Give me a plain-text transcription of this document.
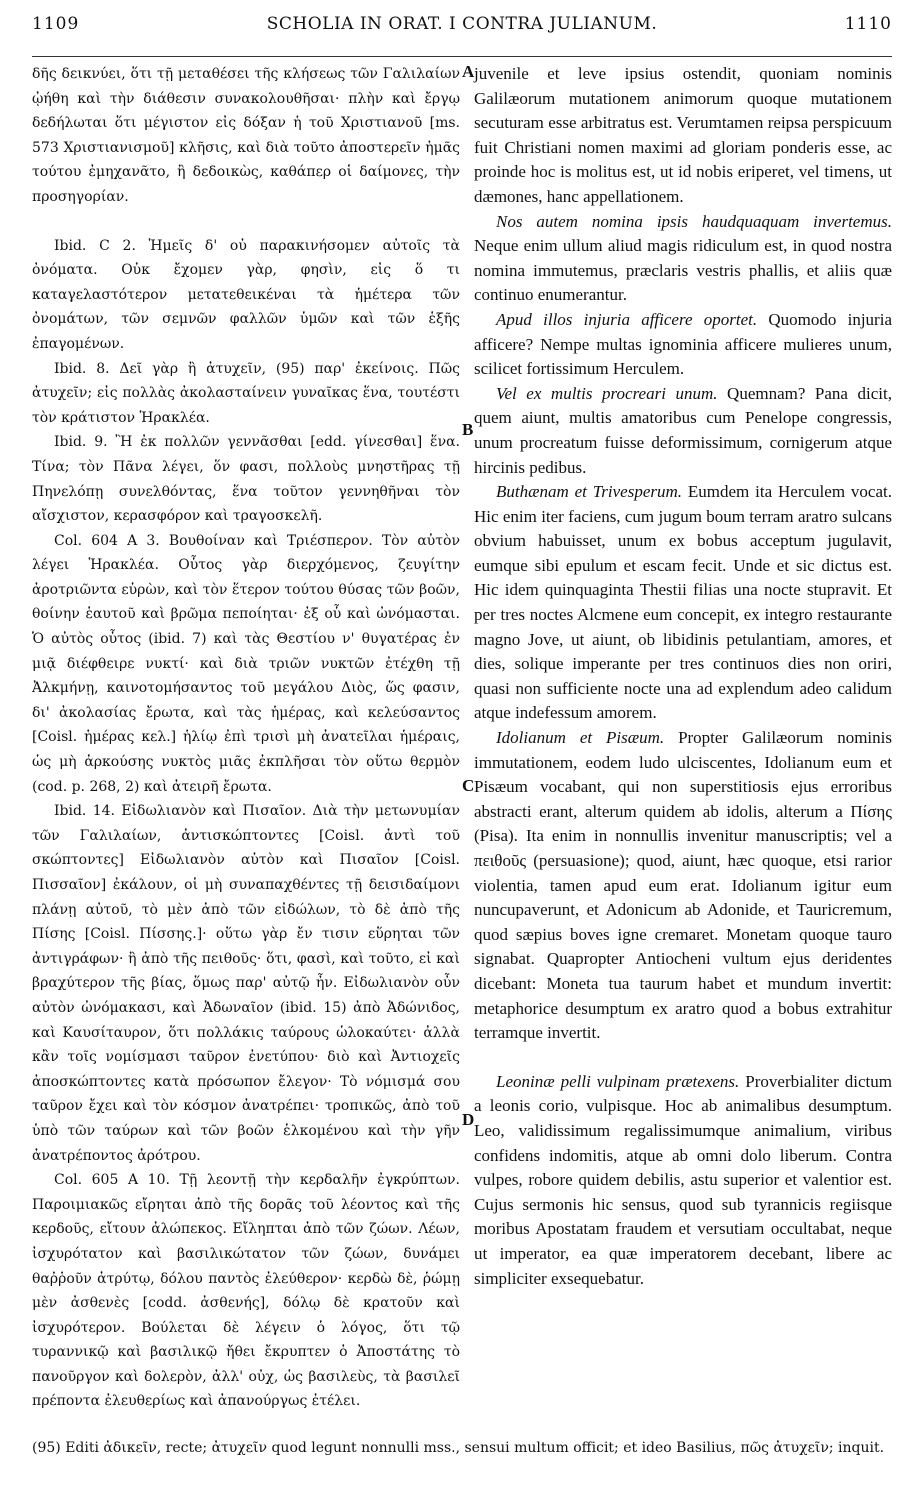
1109	SCHOLIA IN ORAT. I CONTRA JULIANUM.	1110

δῆς δεικνύει, ὅτι τῇ μεταθέσει τῆς κλήσεως τῶν Γαλιλαίων ᾠήθη καὶ τὴν διάθεσιν συνακολουθῆσαι· πλὴν καὶ ἔργῳ δεδήλωται ὅτι μέγιστον εἰς δόξαν ἡ τοῦ Χριστιανοῦ [ms. 573 Χριστιανισμοῦ] κλῆσις, καὶ διὰ τοῦτο ἀποστερεῖν ἡμᾶς τούτου ἐμηχανᾶτο, ἢ δεδοικὼς, καθάπερ οἱ δαίμονες, τὴν προσηγορίαν.

Ibid. C 2. Ἡμεῖς δ' οὐ παρακινήσομεν αὐτοῖς τὰ ὀνόματα. Οὐκ ἔχομεν γὰρ, φησὶν, εἰς ὅ τι καταγελαστότερον μετατεθεικέναι τὰ ἡμέτερα τῶν ὀνομάτων, τῶν σεμνῶν φαλλῶν ὑμῶν καὶ τῶν ἑξῆς ἐπαγομένων.

Ibid. 8. Δεῖ γὰρ ἢ ἀτυχεῖν, (95) παρ' ἐκείνοις. Πῶς ἀτυχεῖν; εἰς πολλὰς ἀκολασταίνειν γυναῖκας ἕνα, τουτέστι τὸν κράτιστον Ἡρακλέα.

Ibid. 9. Ἢ ἐκ πολλῶν γεννᾶσθαι [edd. γίνεσθαι] ἕνα. Τίνα; τὸν Πᾶνα λέγει, ὅν φασι, πολλοὺς μνηστῆρας τῇ Πηνελόπῃ συνελθόντας, ἕνα τοῦτον γεννηθῆναι τὸν αἴσχιστον, κερασφόρον καὶ τραγοσκελῆ.

Col. 604 A 3. Βουθοίναν καὶ Τριέσπερον. Τὸν αὐτὸν λέγει Ἡρακλέα. Οὗτος γὰρ διερχόμενος, ζευγίτην ἀροτριῶντα εὑρὼν, καὶ τὸν ἕτερον τούτου θύσας τῶν βοῶν, θοίνην ἑαυτοῦ καὶ βρῶμα πεποίηται· ἐξ οὗ καὶ ὠνόμασται. Ὁ αὐτὸς οὗτος (ibid. 7) καὶ τὰς Θεστίου ν' θυγατέρας ἐν μιᾷ διέφθειρε νυκτί· καὶ διὰ τριῶν νυκτῶν ἐτέχθη τῇ Ἀλκμήνῃ, καινοτομήσαντος τοῦ μεγάλου Διὸς, ὥς φασιν, δι' ἀκολασίας ἔρωτα, καὶ τὰς ἡμέρας, καὶ κελεύσαντος [Coisl. ἡμέρας κελ.] ἡλίῳ ἐπὶ τρισὶ μὴ ἀνατεῖλαι ἡμέραις, ὡς μὴ ἀρκούσης νυκτὸς μιᾶς ἐκπλῆσαι τὸν οὕτω θερμὸν (cod. p. 268, 2) καὶ ἀτειρῆ ἔρωτα.

Ibid. 14. Εἰδωλιανὸν καὶ Πισαῖον. Διὰ τὴν μετωνυμίαν τῶν Γαλιλαίων, ἀντισκώπτοντες [Coisl. ἀντὶ τοῦ σκώπτοντες] Εἰδωλιανὸν αὐτὸν καὶ Πισαῖον [Coisl. Πισσαῖον] ἐκάλουν, οἱ μὴ συναπαχθέντες τῇ δεισιδαίμονι πλάνῃ αὐτοῦ, τὸ μὲν ἀπὸ τῶν εἰδώλων, τὸ δὲ ἀπὸ τῆς Πίσης [Coisl. Πίσσης.]· οὕτω γὰρ ἔν τισιν εὕρηται τῶν ἀντιγράφων· ἢ ἀπὸ τῆς πειθοῦς· ὅτι, φασὶ, καὶ τοῦτο, εἰ καὶ βραχύτερον τῆς βίας, ὅμως παρ' αὐτῷ ἦν. Εἰδωλιανὸν οὖν αὐτὸν ὠνόμακασι, καὶ Ἀδωναῖον (ibid. 15) ἀπὸ Ἀδώνιδος, καὶ Καυσίταυρον, ὅτι πολλάκις ταύρους ὡλοκαύτει· ἀλλὰ κἂν τοῖς νομίσμασι ταῦρον ἐνετύπου· διὸ καὶ Ἀντιοχεῖς ἀποσκώπτοντες κατὰ πρόσωπον ἔλεγον· Τὸ νόμισμά σου ταῦρον ἔχει καὶ τὸν κόσμον ἀνατρέπει· τροπικῶς, ἀπὸ τοῦ ὑπὸ τῶν ταύρων καὶ τῶν βοῶν ἑλκομένου καὶ τὴν γῆν ἀνατρέποντος ἀρότρου.

Col. 605 A 10. Τῇ λεοντῇ τὴν κερδαλῆν ἐγκρύπτων. Παροιμιακῶς εἴρηται ἀπὸ τῆς δορᾶς τοῦ λέοντος καὶ τῆς κερδοῦς, εἴτουν ἀλώπεκος. Εἴληπται ἀπὸ τῶν ζώων. Λέων, ἰσχυρότατον καὶ βασιλικώτατον τῶν ζώων, δυνάμει θαῤῥοῦν ἀτρύτῳ, δόλου παντὸς ἐλεύθερον· κερδὼ δὲ, ῥώμῃ μὲν ἀσθενὲς [codd. ἀσθενής], δόλῳ δὲ κρατοῦν καὶ ἰσχυρότερον. Βούλεται δὲ λέγειν ὁ λόγος, ὅτι τῷ τυραννικῷ καὶ βασιλικῷ ἤθει ἔκρυπτεν ὁ Ἀποστάτης τὸ πανοῦργον καὶ δολερὸν, ἀλλ' οὐχ, ὡς βασιλεὺς, τὰ βασιλεῖ πρέποντα ἐλευθερίως καὶ ἀπανούργως ἐτέλει.

A
B
C
D

juvenile et leve ipsius ostendit, quoniam nominis Galilæorum mutationem animorum quoque mutationem secuturam esse arbitratus est. Verumtamen reipsa perspicuum fuit Christiani nomen maximi ad gloriam ponderis esse, ac proinde hoc is molitus est, ut id nobis eriperet, vel timens, ut dæmones, hanc appellationem.

Nos autem nomina ipsis haudquaquam invertemus. Neque enim ullum aliud magis ridiculum est, in quod nostra nomina immutemus, præclaris vestris phallis, et aliis quæ continuo enumerantur.

Apud illos injuria afficere oportet. Quomodo injuria afficere? Nempe multas ignominia afficere mulieres unum, scilicet fortissimum Herculem.

Vel ex multis procreari unum. Quemnam? Pana dicit, quem aiunt, multis amatoribus cum Penelope congressis, unum procreatum fuisse deformissimum, cornigerum atque hircinis pedibus.

Buthænam et Trivesperum. Eumdem ita Herculem vocat. Hic enim iter faciens, cum jugum boum terram aratro sulcans obvium habuisset, unum ex bobus acceptum jugulavit, eumque sibi epulum et escam fecit. Unde et sic dictus est. Hic idem quinquaginta Thestii filias una nocte stupravit. Et per tres noctes Alcmene eum concepit, ex integro restaurante magno Jove, ut aiunt, ob libidinis petulantiam, amores, et dies, solique imperante per tres continuos dies non oriri, quasi non sufficiente nocte una ad explendum adeo calidum atque indefessum amorem.

Idolianum et Pisæum. Propter Galilæorum nominis immutationem, eodem ludo ulciscentes, Idolianum eum et Pisæum vocabant, qui non superstitiosis ejus erroribus abstracti erant, alterum quidem ab idolis, alterum a Πίσης (Pisa). Ita enim in nonnullis invenitur manuscriptis; vel a πειθοῦς (persuasione); quod, aiunt, hæc quoque, etsi rarior violentia, tamen apud eum erat. Idolianum igitur eum nuncupaverunt, et Adonicum ab Adonide, et Tauricremum, quod sæpius boves igne cremaret. Monetam quoque tauro signabat. Quapropter Antiocheni vultum ejus deridentes dicebant: Moneta tua taurum habet et mundum invertit: metaphorice desumptum ex aratro quod a bobus extrahitur terramque invertit.

Leoninæ pelli vulpinam prætexens. Proverbialiter dictum a leonis corio, vulpisque. Hoc ab animalibus desumptum. Leo, validissimum regalissimumque animalium, viribus confidens indomitis, atque ab omni dolo liberum. Contra vulpes, robore quidem debilis, astu superior et valentior est. Cujus sermonis hic sensus, quod sub tyrannicis regiisque moribus Apostatam fraudem et versutiam occultabat, neque ut imperator, ea quæ imperatorem decebant, libere ac simpliciter exsequebatur.

(95) Editi ἀδικεῖν, recte; ἀτυχεῖν quod legunt nonnulli mss., sensui multum officit; et ideo Basilius, πῶς ἀτυχεῖν; inquit.
